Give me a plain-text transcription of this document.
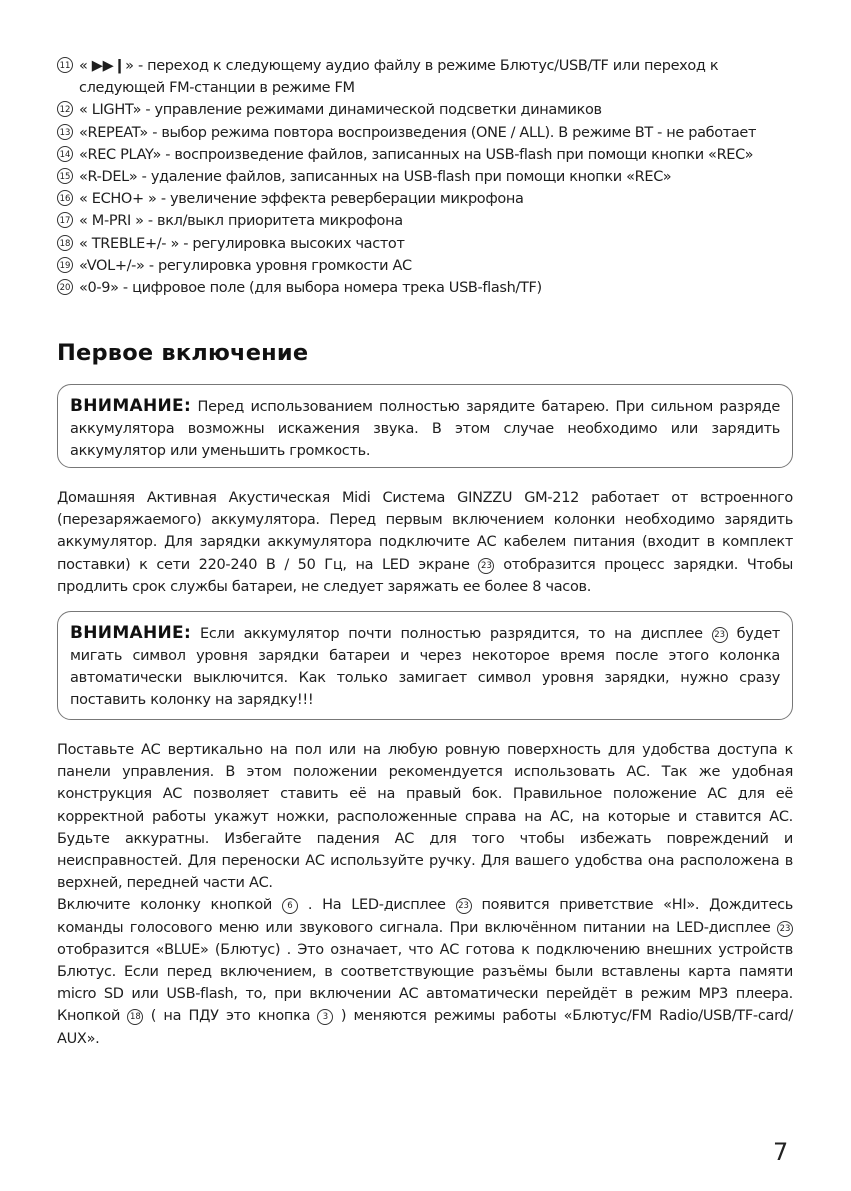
11 « ▶▶❙» - переход к следующему аудио файлу в режиме Блютус/USB/TF или переход к следующей FM-станции в режиме FM
12 « LIGHT» - управление режимами динамической подсветки динамиков
13 «REPEAT» - выбор режима повтора воспроизведения (ONE / ALL). В режиме BT - не работает
14 «REC PLAY» - воспроизведение файлов, записанных на USB-flash при помощи кнопки «REC»
15 «R-DEL» - удаление файлов, записанных на USB-flash при помощи кнопки «REC»
16 « ECHO+ » - увеличение эффекта реверберации микрофона
17 « M-PRI » - вкл/выкл приоритета микрофона
18 « TREBLE+/- » - регулировка высоких частот
19 «VOL+/-» - регулировка уровня громкости АС
20 «0-9» - цифровое поле (для выбора номера трека USB-flash/TF)
Первое включение
ВНИМАНИЕ: Перед использованием полностью зарядите батарею. При сильном разряде аккумулятора возможны искажения звука. В этом случае необходимо или зарядить аккумулятор или уменьшить громкость.
Домашняя Активная Акустическая Midi Система GINZZU GM-212 работает от встроенного (перезаряжаемого) аккумулятора. Перед первым включением колонки необходимо зарядить аккумулятор. Для зарядки аккумулятора подключите АС кабелем питания (входит в комплект поставки) к сети 220-240 В / 50 Гц, на LED экране 23 отобразится процесс зарядки. Чтобы продлить срок службы батареи, не следует заряжать ее более 8 часов.
ВНИМАНИЕ: Если аккумулятор почти полностью разрядится, то на дисплее 23 будет мигать символ уровня зарядки батареи и через некоторое время после этого колонка автоматически выключится. Как только замигает символ уровня зарядки, нужно сразу поставить колонку на зарядку!!!
Поставьте АС вертикально на пол или на любую ровную поверхность для удобства доступа к панели управления. В этом положении рекомендуется использовать АС. Так же удобная конструкция АС позволяет ставить её на правый бок. Правильное положение АС для её корректной работы укажут ножки, расположенные справа на АС, на которые и ставится АС. Будьте аккуратны. Избегайте падения АС для того чтобы избежать повреждений и неисправностей. Для переноски АС используйте ручку. Для вашего удобства она расположена в верхней, передней части АС.
Включите колонку кнопкой 6 . На LED-дисплее 23 появится приветствие «HI». Дождитесь команды голосового меню или звукового сигнала. При включённом питании на LED-дисплее 23 отобразится «BLUE» (Блютус) . Это означает, что АС готова к подключению внешних устройств Блютус. Если перед включением, в соответствующие разъёмы были вставлены карта памяти micro SD или USB-flash, то, при включении АС автоматически перейдёт в режим MP3 плеера. Кнопкой 18 ( на ПДУ это кнопка 3 ) меняются режимы работы «Блютус/FM Radio/USB/TF-card/ AUX».
7
